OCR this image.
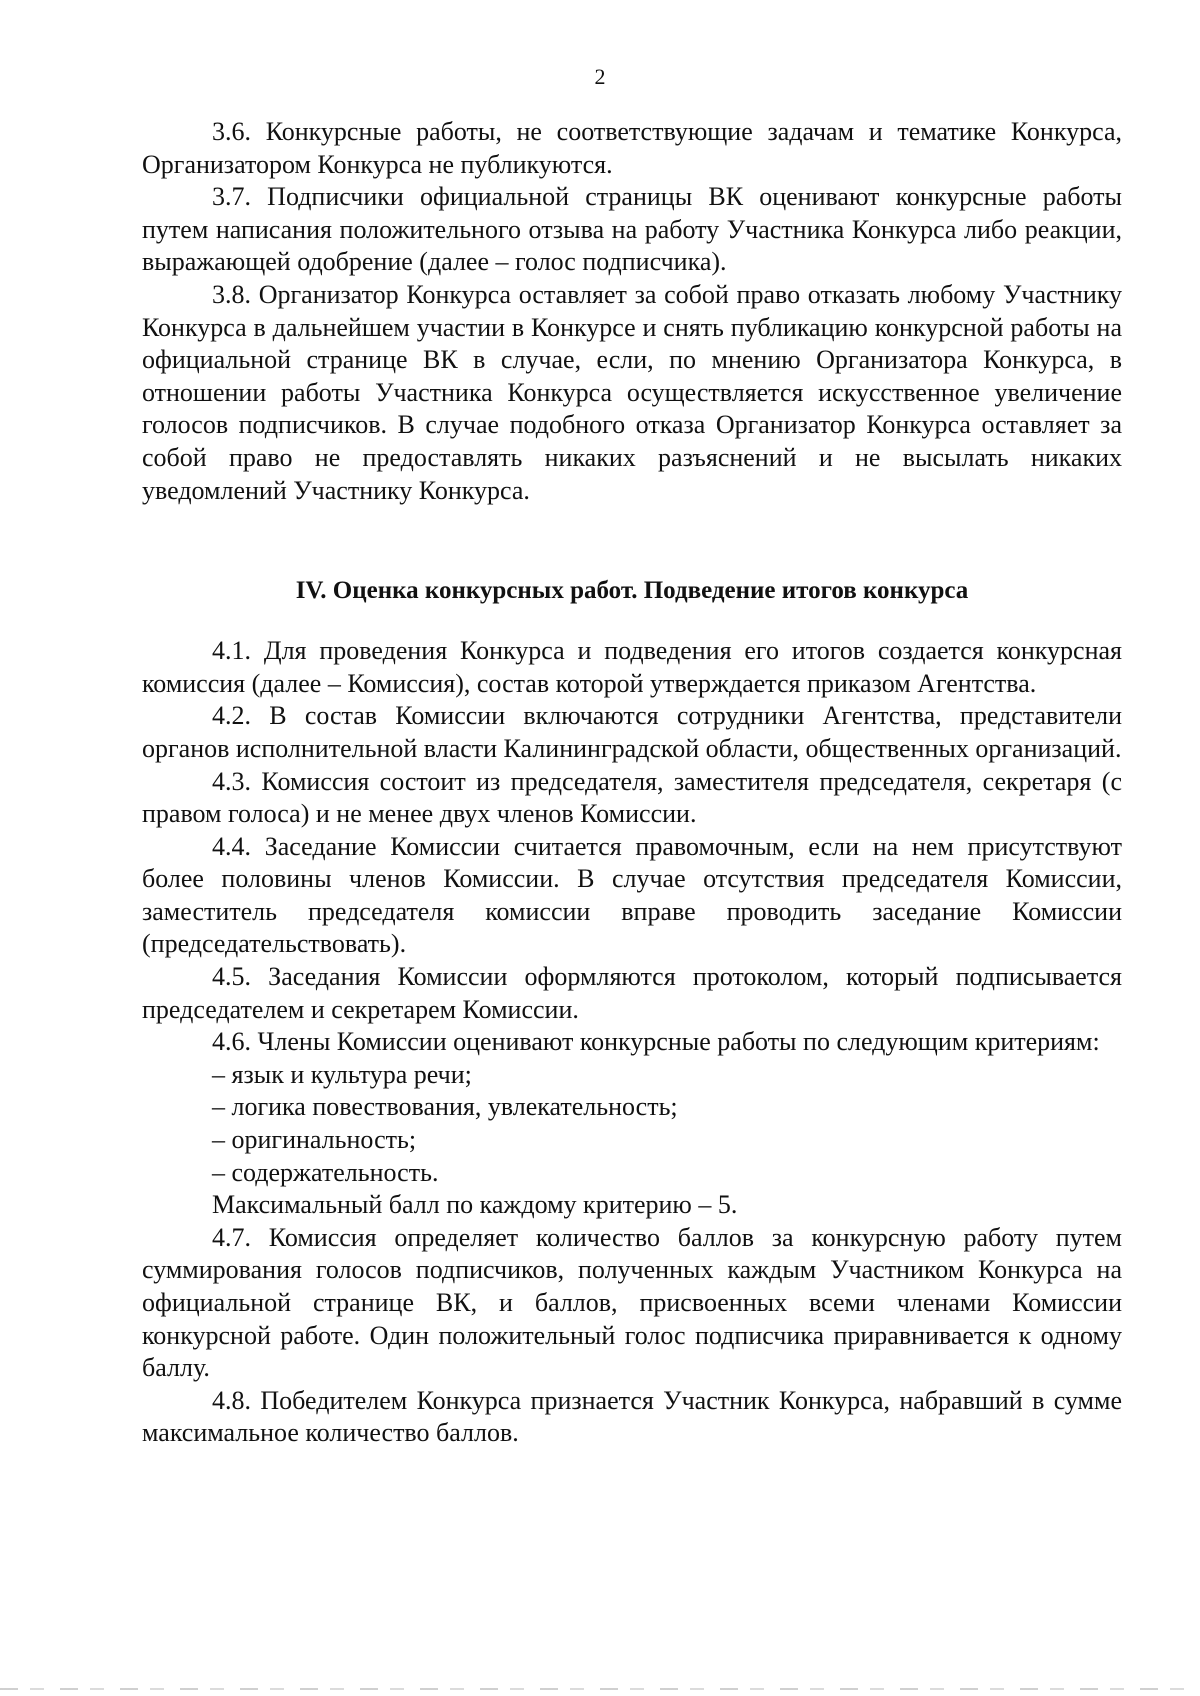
2

3.6. Конкурсные работы, не соответствующие задачам и тематике Конкурса, Организатором Конкурса не публикуются.

3.7. Подписчики официальной страницы ВК оценивают конкурсные работы путем написания положительного отзыва на работу Участника Конкурса либо реакции, выражающей одобрение (далее – голос подписчика).

3.8. Организатор Конкурса оставляет за собой право отказать любому Участнику Конкурса в дальнейшем участии в Конкурсе и снять публикацию конкурсной работы на официальной странице ВК в случае, если, по мнению Организатора Конкурса, в отношении работы Участника Конкурса осуществляется искусственное увеличение голосов подписчиков. В случае подобного отказа Организатор Конкурса оставляет за собой право не предоставлять никаких разъяснений и не высылать никаких уведомлений Участнику Конкурса.

IV. Оценка конкурсных работ. Подведение итогов конкурса

4.1. Для проведения Конкурса и подведения его итогов создается конкурсная комиссия (далее – Комиссия), состав которой утверждается приказом Агентства.

4.2. В состав Комиссии включаются сотрудники Агентства, представители органов исполнительной власти Калининградской области, общественных организаций.

4.3. Комиссия состоит из председателя, заместителя председателя, секретаря (с правом голоса) и не менее двух членов Комиссии.

4.4. Заседание Комиссии считается правомочным, если на нем присутствуют более половины членов Комиссии. В случае отсутствия председателя Комиссии, заместитель председателя комиссии вправе проводить заседание Комиссии (председательствовать).

4.5. Заседания Комиссии оформляются протоколом, который подписывается председателем и секретарем Комиссии.

4.6. Члены Комиссии оценивают конкурсные работы по следующим критериям:

– язык и культура речи;

– логика повествования, увлекательность;

– оригинальность;

– содержательность.

Максимальный балл по каждому критерию – 5.

4.7. Комиссия определяет количество баллов за конкурсную работу путем суммирования голосов подписчиков, полученных каждым Участником Конкурса на официальной странице ВК, и баллов, присвоенных всеми членами Комиссии конкурсной работе. Один положительный голос подписчика приравнивается к одному баллу.

4.8. Победителем Конкурса признается Участник Конкурса, набравший в сумме максимальное количество баллов.
